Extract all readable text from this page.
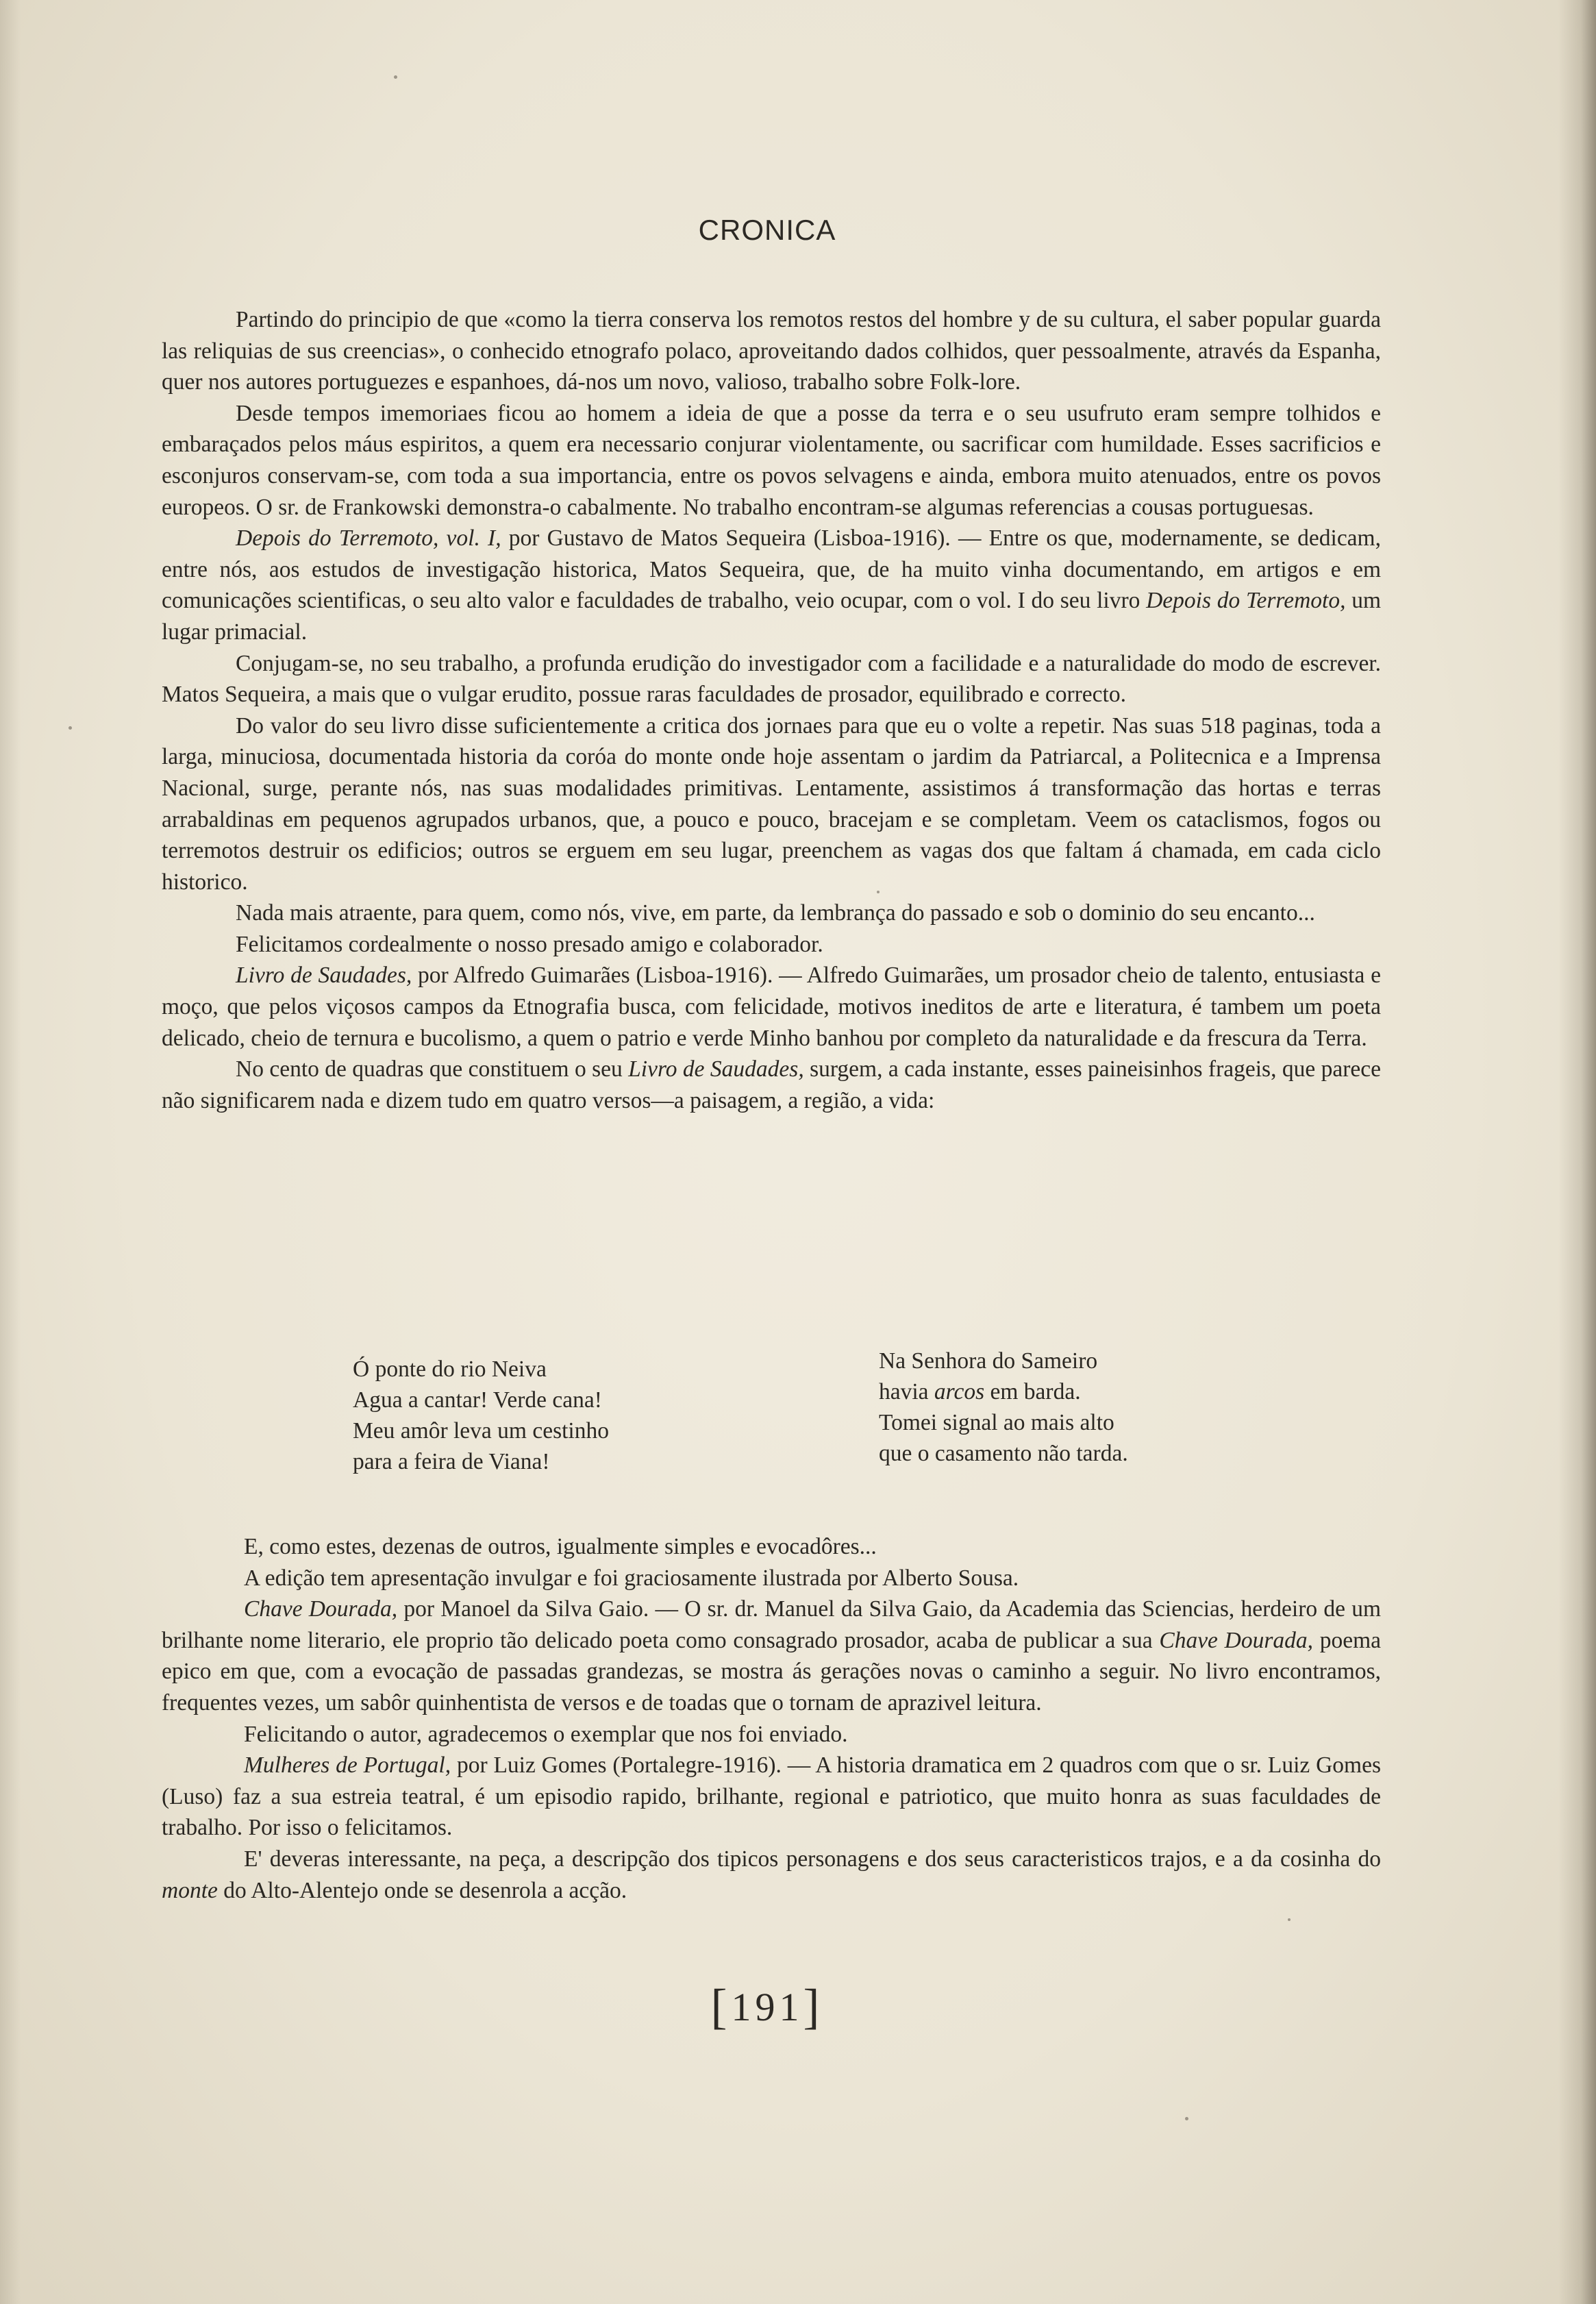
CRONICA

Partindo do principio de que «como la tierra conserva los remotos restos del hombre y de su cultura, el saber popular guarda las reliquias de sus creencias», o conhecido etnografo polaco, aproveitando dados colhidos, quer pessoalmente, através da Espanha, quer nos autores portuguezes e espanhoes, dá-nos um novo, valioso, trabalho sobre Folk-lore.

Desde tempos imemoriaes ficou ao homem a ideia de que a posse da terra e o seu usufruto eram sempre tolhidos e embaraçados pelos máus espiritos, a quem era necessario conjurar violentamente, ou sacrificar com humildade. Esses sacrificios e esconjuros conservam-se, com toda a sua importancia, entre os povos selvagens e ainda, embora muito atenuados, entre os povos europeos. O sr. de Frankowski demonstra-o cabalmente. No trabalho encontram-se algumas referencias a cousas portuguesas.

Depois do Terremoto, vol. I, por Gustavo de Matos Sequeira (Lisboa-1916). — Entre os que, modernamente, se dedicam, entre nós, aos estudos de investigação historica, Matos Sequeira, que, de ha muito vinha documentando, em artigos e em comunicações scientificas, o seu alto valor e faculdades de trabalho, veio ocupar, com o vol. I do seu livro Depois do Terremoto, um lugar primacial.

Conjugam-se, no seu trabalho, a profunda erudição do investigador com a facilidade e a naturalidade do modo de escrever. Matos Sequeira, a mais que o vulgar erudito, possue raras faculdades de prosador, equilibrado e correcto.

Do valor do seu livro disse suficientemente a critica dos jornaes para que eu o volte a repetir. Nas suas 518 paginas, toda a larga, minuciosa, documentada historia da coróa do monte onde hoje assentam o jardim da Patriarcal, a Politecnica e a Imprensa Nacional, surge, perante nós, nas suas modalidades primitivas. Lentamente, assistimos á transformação das hortas e terras arrabaldinas em pequenos agrupados urbanos, que, a pouco e pouco, bracejam e se completam. Veem os cataclismos, fogos ou terremotos destruir os edificios; outros se erguem em seu lugar, preenchem as vagas dos que faltam á chamada, em cada ciclo historico.

Nada mais atraente, para quem, como nós, vive, em parte, da lembrança do passado e sob o dominio do seu encanto...

Felicitamos cordealmente o nosso presado amigo e colaborador.

Livro de Saudades, por Alfredo Guimarães (Lisboa-1916). — Alfredo Guimarães, um prosador cheio de talento, entusiasta e moço, que pelos viçosos campos da Etnografia busca, com felicidade, motivos ineditos de arte e literatura, é tambem um poeta delicado, cheio de ternura e bucolismo, a quem o patrio e verde Minho banhou por completo da naturalidade e da frescura da Terra.

No cento de quadras que constituem o seu Livro de Saudades, surgem, a cada instante, esses paineisinhos frageis, que parece não significarem nada e dizem tudo em quatro versos—a paisagem, a região, a vida:

Ó ponte do rio Neiva
Agua a cantar! Verde cana!
Meu amôr leva um cestinho
para a feira de Viana!
Na Senhora do Sameiro
havia arcos em barda.
Tomei signal ao mais alto
que o casamento não tarda.

E, como estes, dezenas de outros, igualmente simples e evocadôres...

A edição tem apresentação invulgar e foi graciosamente ilustrada por Alberto Sousa.

Chave Dourada, por Manoel da Silva Gaio. — O sr. dr. Manuel da Silva Gaio, da Academia das Sciencias, herdeiro de um brilhante nome literario, ele proprio tão delicado poeta como consagrado prosador, acaba de publicar a sua Chave Dourada, poema epico em que, com a evocação de passadas grandezas, se mostra ás gerações novas o caminho a seguir. No livro encontramos, frequentes vezes, um sabôr quinhentista de versos e de toadas que o tornam de aprazivel leitura.

Felicitando o autor, agradecemos o exemplar que nos foi enviado.

Mulheres de Portugal, por Luiz Gomes (Portalegre-1916). — A historia dramatica em 2 quadros com que o sr. Luiz Gomes (Luso) faz a sua estreia teatral, é um episodio rapido, brilhante, regional e patriotico, que muito honra as suas faculdades de trabalho. Por isso o felicitamos.

E' deveras interessante, na peça, a descripção dos tipicos personagens e dos seus caracteristicos trajos, e a da cosinha do monte do Alto-Alentejo onde se desenrola a acção.

[191]
